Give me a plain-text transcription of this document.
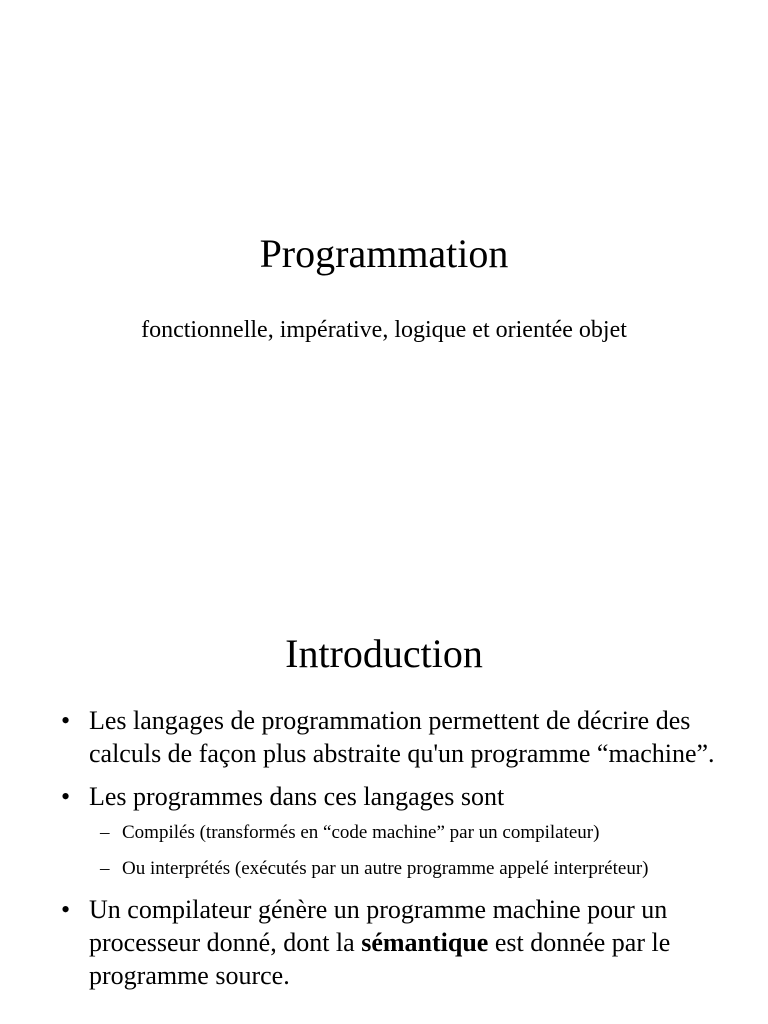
Programmation

fonctionnelle, impérative, logique et orientée objet

Introduction
• Les langages de programmation permettent de décrire des calculs de façon plus abstraite qu'un programme “machine”.
• Les programmes dans ces langages sont
– Compilés (transformés en “code machine” par un compilateur)
– Ou interprétés (exécutés par un autre programme appelé interpréteur)
• Un compilateur génère un programme machine pour un processeur donné, dont la sémantique est donnée par le programme source.
